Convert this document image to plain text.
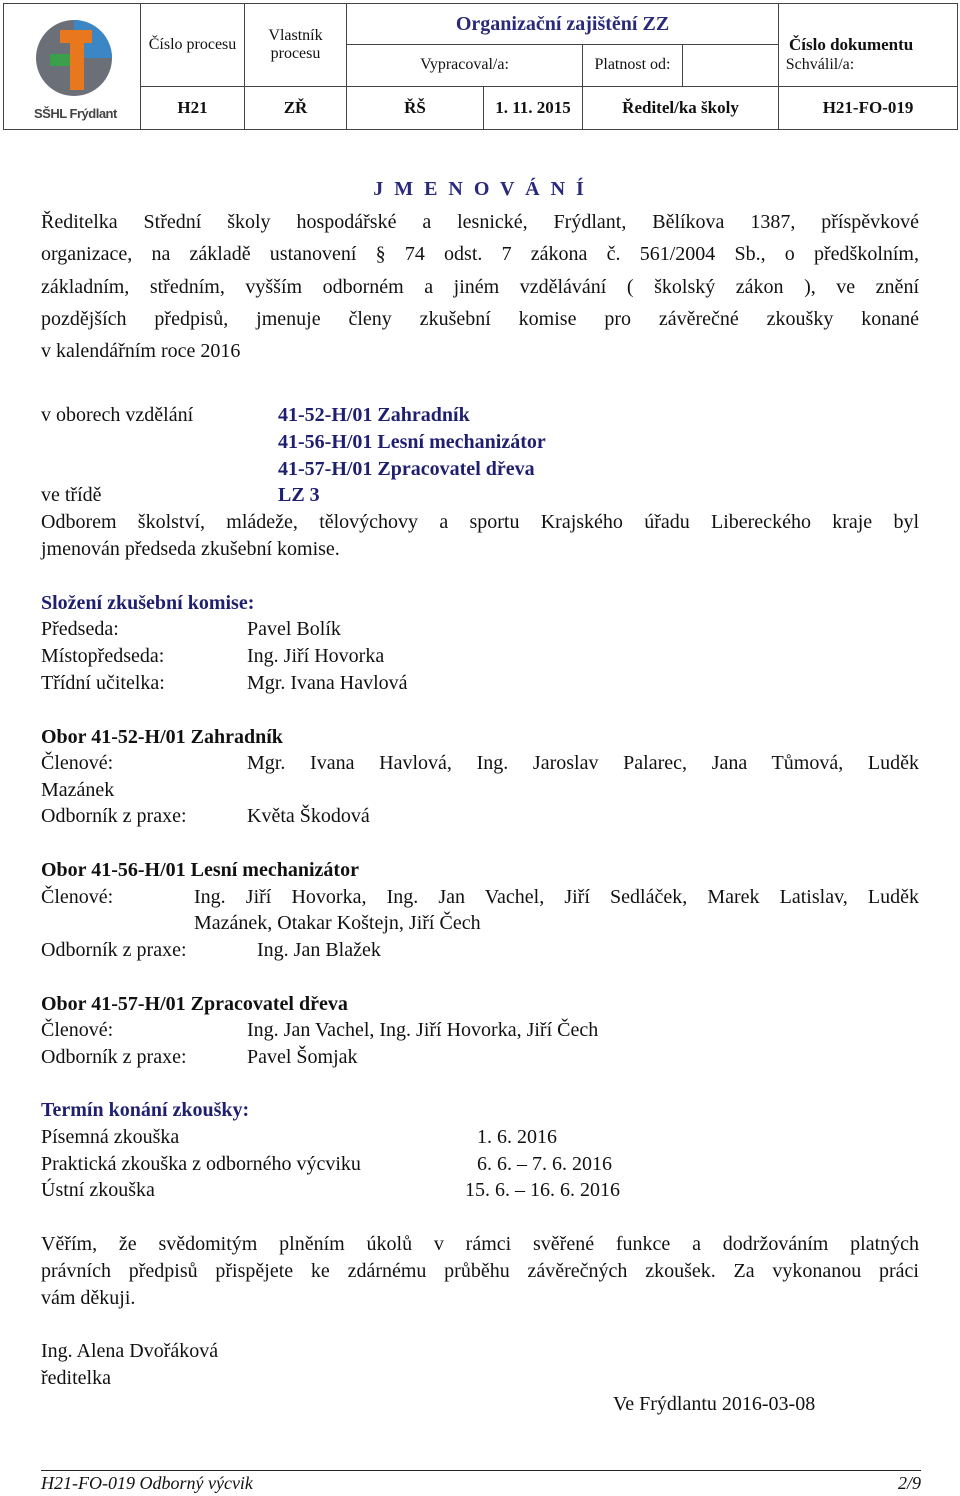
SŠHL Frýdlant	Číslo procesu	Vlastník procesu	Organizační zajištění ZZ				Číslo dokumentu
			Vypracoval/a:		Platnost od:	Schválil/a:	
	H21	ZŘ	ŘŠ	1. 11. 2015	Ředitel/ka školy		H21-FO-019
J M E N O V Á N Í
Ředitelka Střední školy hospodářské a lesnické, Frýdlant, Bělíkova 1387, příspěvkové
organizace, na základě ustanovení § 74 odst. 7 zákona č. 561/2004 Sb., o předškolním,
základním, středním, vyšším odborném a jiném vzdělávání ( školský zákon ), ve znění
pozdějších předpisů, jmenuje členy zkušební komise pro závěrečné zkoušky konané
v kalendářním roce 2016
v oborech vzdělání	41-52-H/01 Zahradník
41-56-H/01 Lesní mechanizátor
41-57-H/01 Zpracovatel dřeva
ve třídě	LZ 3
Odborem školství, mládeže, tělovýchovy a sportu Krajského úřadu Libereckého kraje byl
jmenován předseda zkušební komise.
Složení zkušební komise:
Předseda:	Pavel Bolík
Místopředseda:	Ing. Jiří Hovorka
Třídní učitelka:	Mgr. Ivana Havlová
Obor 41-52-H/01 Zahradník
Členové:	Mgr. Ivana Havlová, Ing. Jaroslav Palarec, Jana Tůmová, Luděk
Mazánek
Odborník z praxe:	Květa Škodová
Obor 41-56-H/01 Lesní mechanizátor
Členové:	Ing. Jiří Hovorka, Ing. Jan Vachel, Jiří Sedláček, Marek Latislav, Luděk
Mazánek, Otakar Koštejn, Jiří Čech
Odborník z praxe:	Ing. Jan Blažek
Obor 41-57-H/01 Zpracovatel dřeva
Členové:	Ing. Jan Vachel, Ing. Jiří Hovorka, Jiří Čech
Odborník z praxe:	Pavel Šomjak
Termín konání zkoušky:
Písemná zkouška	1. 6. 2016
Praktická zkouška z odborného výcviku	6. 6. – 7. 6. 2016
Ústní zkouška	15. 6. – 16. 6. 2016
Věřím, že svědomitým plněním úkolů v rámci svěřené funkce a dodržováním platných
právních předpisů přispějete ke zdárnému průběhu závěrečných zkoušek. Za vykonanou práci
vám děkuji.
Ing. Alena Dvořáková
ředitelka
Ve Frýdlantu 2016-03-08
H21-FO-019 Odborný výcvik	2/9
